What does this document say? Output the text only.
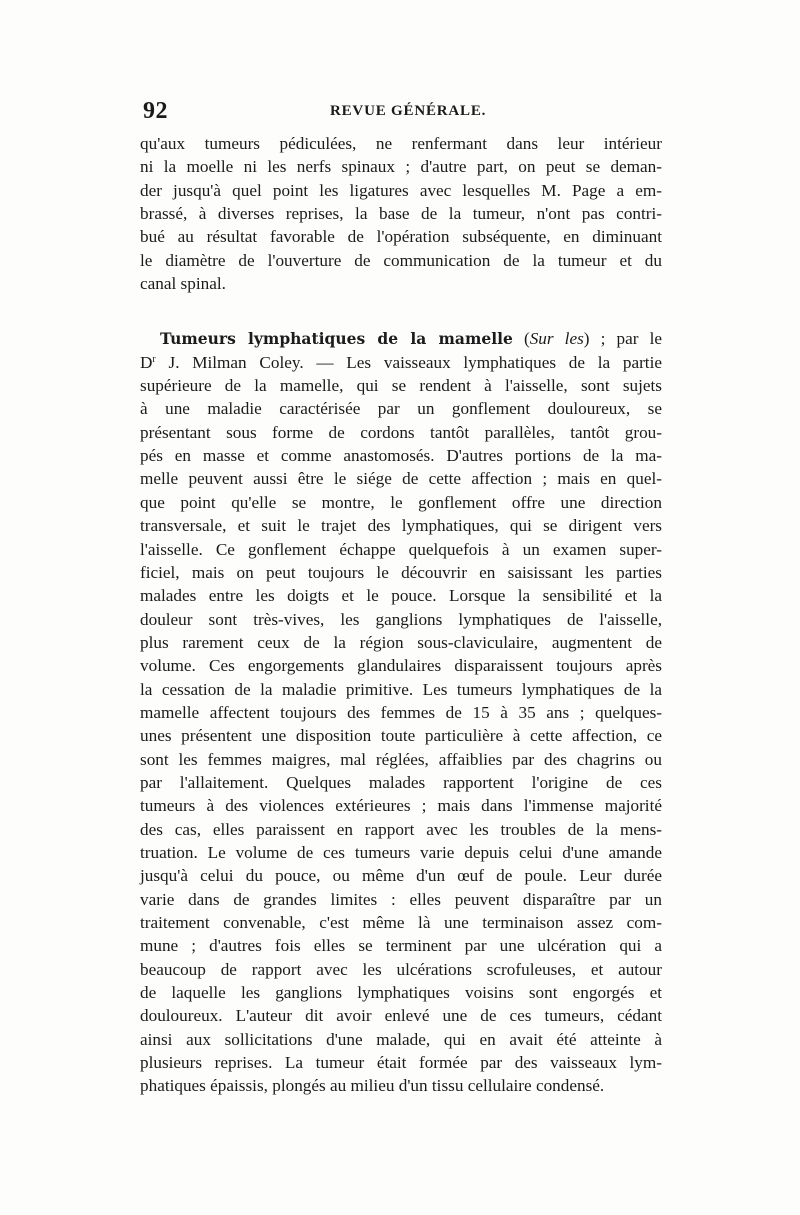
92	REVUE GÉNÉRALE.
qu'aux tumeurs pédiculées, ne renfermant dans leur intérieur
ni la moelle ni les nerfs spinaux ; d'autre part, on peut se deman-
der jusqu'à quel point les ligatures avec lesquelles M. Page a em-
brassé, à diverses reprises, la base de la tumeur, n'ont pas contri-
bué au résultat favorable de l'opération subséquente, en diminuant
le diamètre de l'ouverture de communication de la tumeur et du
canal spinal.
Tumeurs lymphatiques de la mamelle (Sur les) ; par le
$D^r$ J. Milman Coley. — Les vaisseaux lymphatiques de la partie
supérieure de la mamelle, qui se rendent à l'aisselle, sont sujets
à une maladie caractérisée par un gonflement douloureux, se
présentant sous forme de cordons tantôt parallèles, tantôt grou-
pés en masse et comme anastomosés. D'autres portions de la ma-
melle peuvent aussi être le siége de cette affection ; mais en quel-
que point qu'elle se montre, le gonflement offre une direction
transversale, et suit le trajet des lymphatiques, qui se dirigent vers
l'aisselle. Ce gonflement échappe quelquefois à un examen super-
ficiel, mais on peut toujours le découvrir en saisissant les parties
malades entre les doigts et le pouce. Lorsque la sensibilité et la
douleur sont très-vives, les ganglions lymphatiques de l'aisselle,
plus rarement ceux de la région sous-claviculaire, augmentent de
volume. Ces engorgements glandulaires disparaissent toujours après
la cessation de la maladie primitive. Les tumeurs lymphatiques de la
mamelle affectent toujours des femmes de 15 à 35 ans ; quelques-
unes présentent une disposition toute particulière à cette affection, ce
sont les femmes maigres, mal réglées, affaiblies par des chagrins ou
par l'allaitement. Quelques malades rapportent l'origine de ces
tumeurs à des violences extérieures ; mais dans l'immense majorité
des cas, elles paraissent en rapport avec les troubles de la mens-
truation. Le volume de ces tumeurs varie depuis celui d'une amande
jusqu'à celui du pouce, ou même d'un œuf de poule. Leur durée
varie dans de grandes limites : elles peuvent disparaître par un
traitement convenable, c'est même là une terminaison assez com-
mune ; d'autres fois elles se terminent par une ulcération qui a
beaucoup de rapport avec les ulcérations scrofuleuses, et autour
de laquelle les ganglions lymphatiques voisins sont engorgés et
douloureux. L'auteur dit avoir enlevé une de ces tumeurs, cédant
ainsi aux sollicitations d'une malade, qui en avait été atteinte à
plusieurs reprises. La tumeur était formée par des vaisseaux lym-
phatiques épaissis, plongés au milieu d'un tissu cellulaire condensé.
